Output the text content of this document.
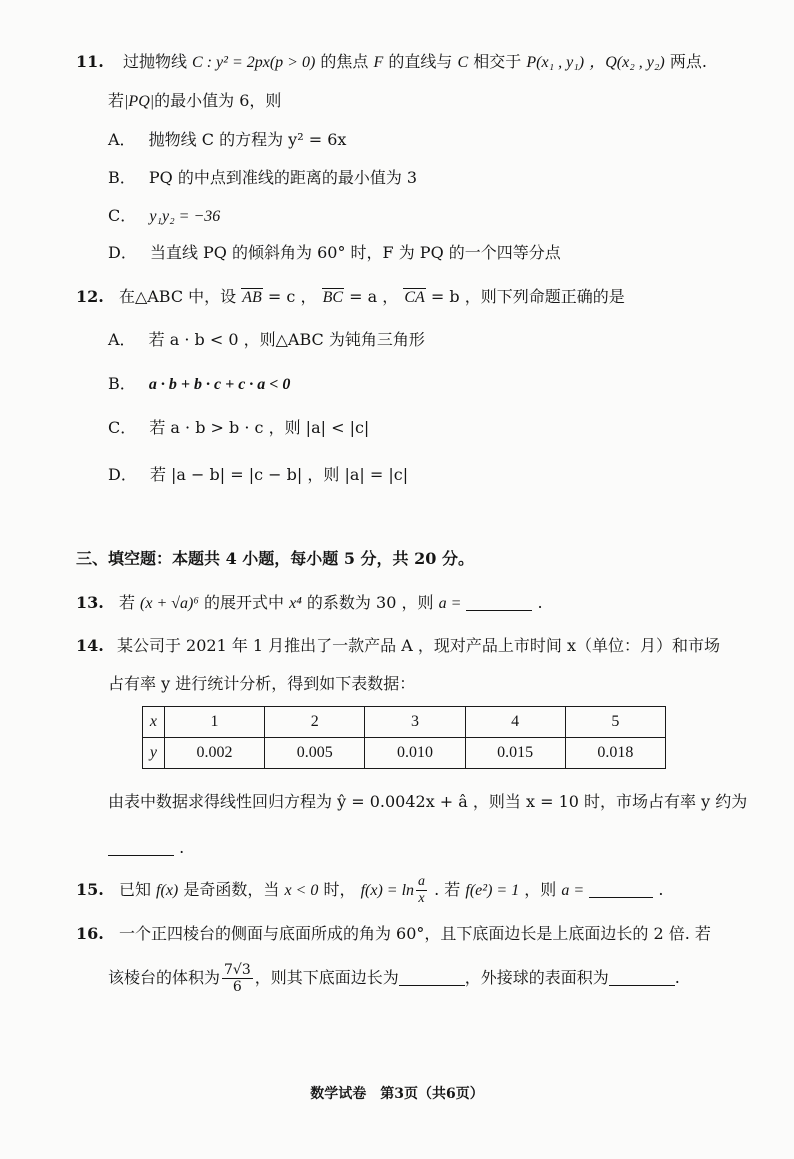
11. 过抛物线 C : y² = 2px(p > 0) 的焦点 F 的直线与 C 相交于 P(x₁ , y₁) ，Q(x₂ , y₂) 两点.
若|PQ|的最小值为 6，则
A． 抛物线 C 的方程为 y² = 6x
B． PQ 的中点到准线的距离的最小值为 3
C． y₁y₂ = −36
D． 当直线 PQ 的倾斜角为 60° 时，F 为 PQ 的一个四等分点
12. 在△ABC 中，设 AB = c ， BC = a ， CA = b ，则下列命题正确的是
A． 若 a · b < 0 ，则△ABC 为钝角三角形
B． a · b + b · c + c · a < 0
C． 若 a · b > b · c ，则 |a| < |c|
D． 若 |a − b| = |c − b| ，则 |a| = |c|
三、填空题：本题共 4 小题，每小题 5 分，共 20 分。
13. 若 (x + √a)⁶ 的展开式中 x⁴ 的系数为 30 ，则 a =	.
14. 某公司于 2021 年 1 月推出了一款产品 A ，现对产品上市时间 x（单位：月）和市场
占有率 y 进行统计分析，得到如下表数据：
x	1	2	3	4	5
y	0.002	0.005	0.010	0.015	0.018
由表中数据求得线性回归方程为 ŷ = 0.0042x + â ，则当 x = 10 时，市场占有率 y 约为
.
15. 已知 f(x) 是奇函数，当 x < 0 时， $f(x) = \ln \frac{a}{x}$ . 若 f(e²) = 1 ，则 a =	.
16. 一个正四棱台的侧面与底面所成的角为 60°，且下底面边长是上底面边长的 2 倍. 若
该棱台的体积为 $\frac{7√3}{6}$ ，则其下底面边长为	，外接球的表面积为	.
数学试卷　第3页（共6页）
